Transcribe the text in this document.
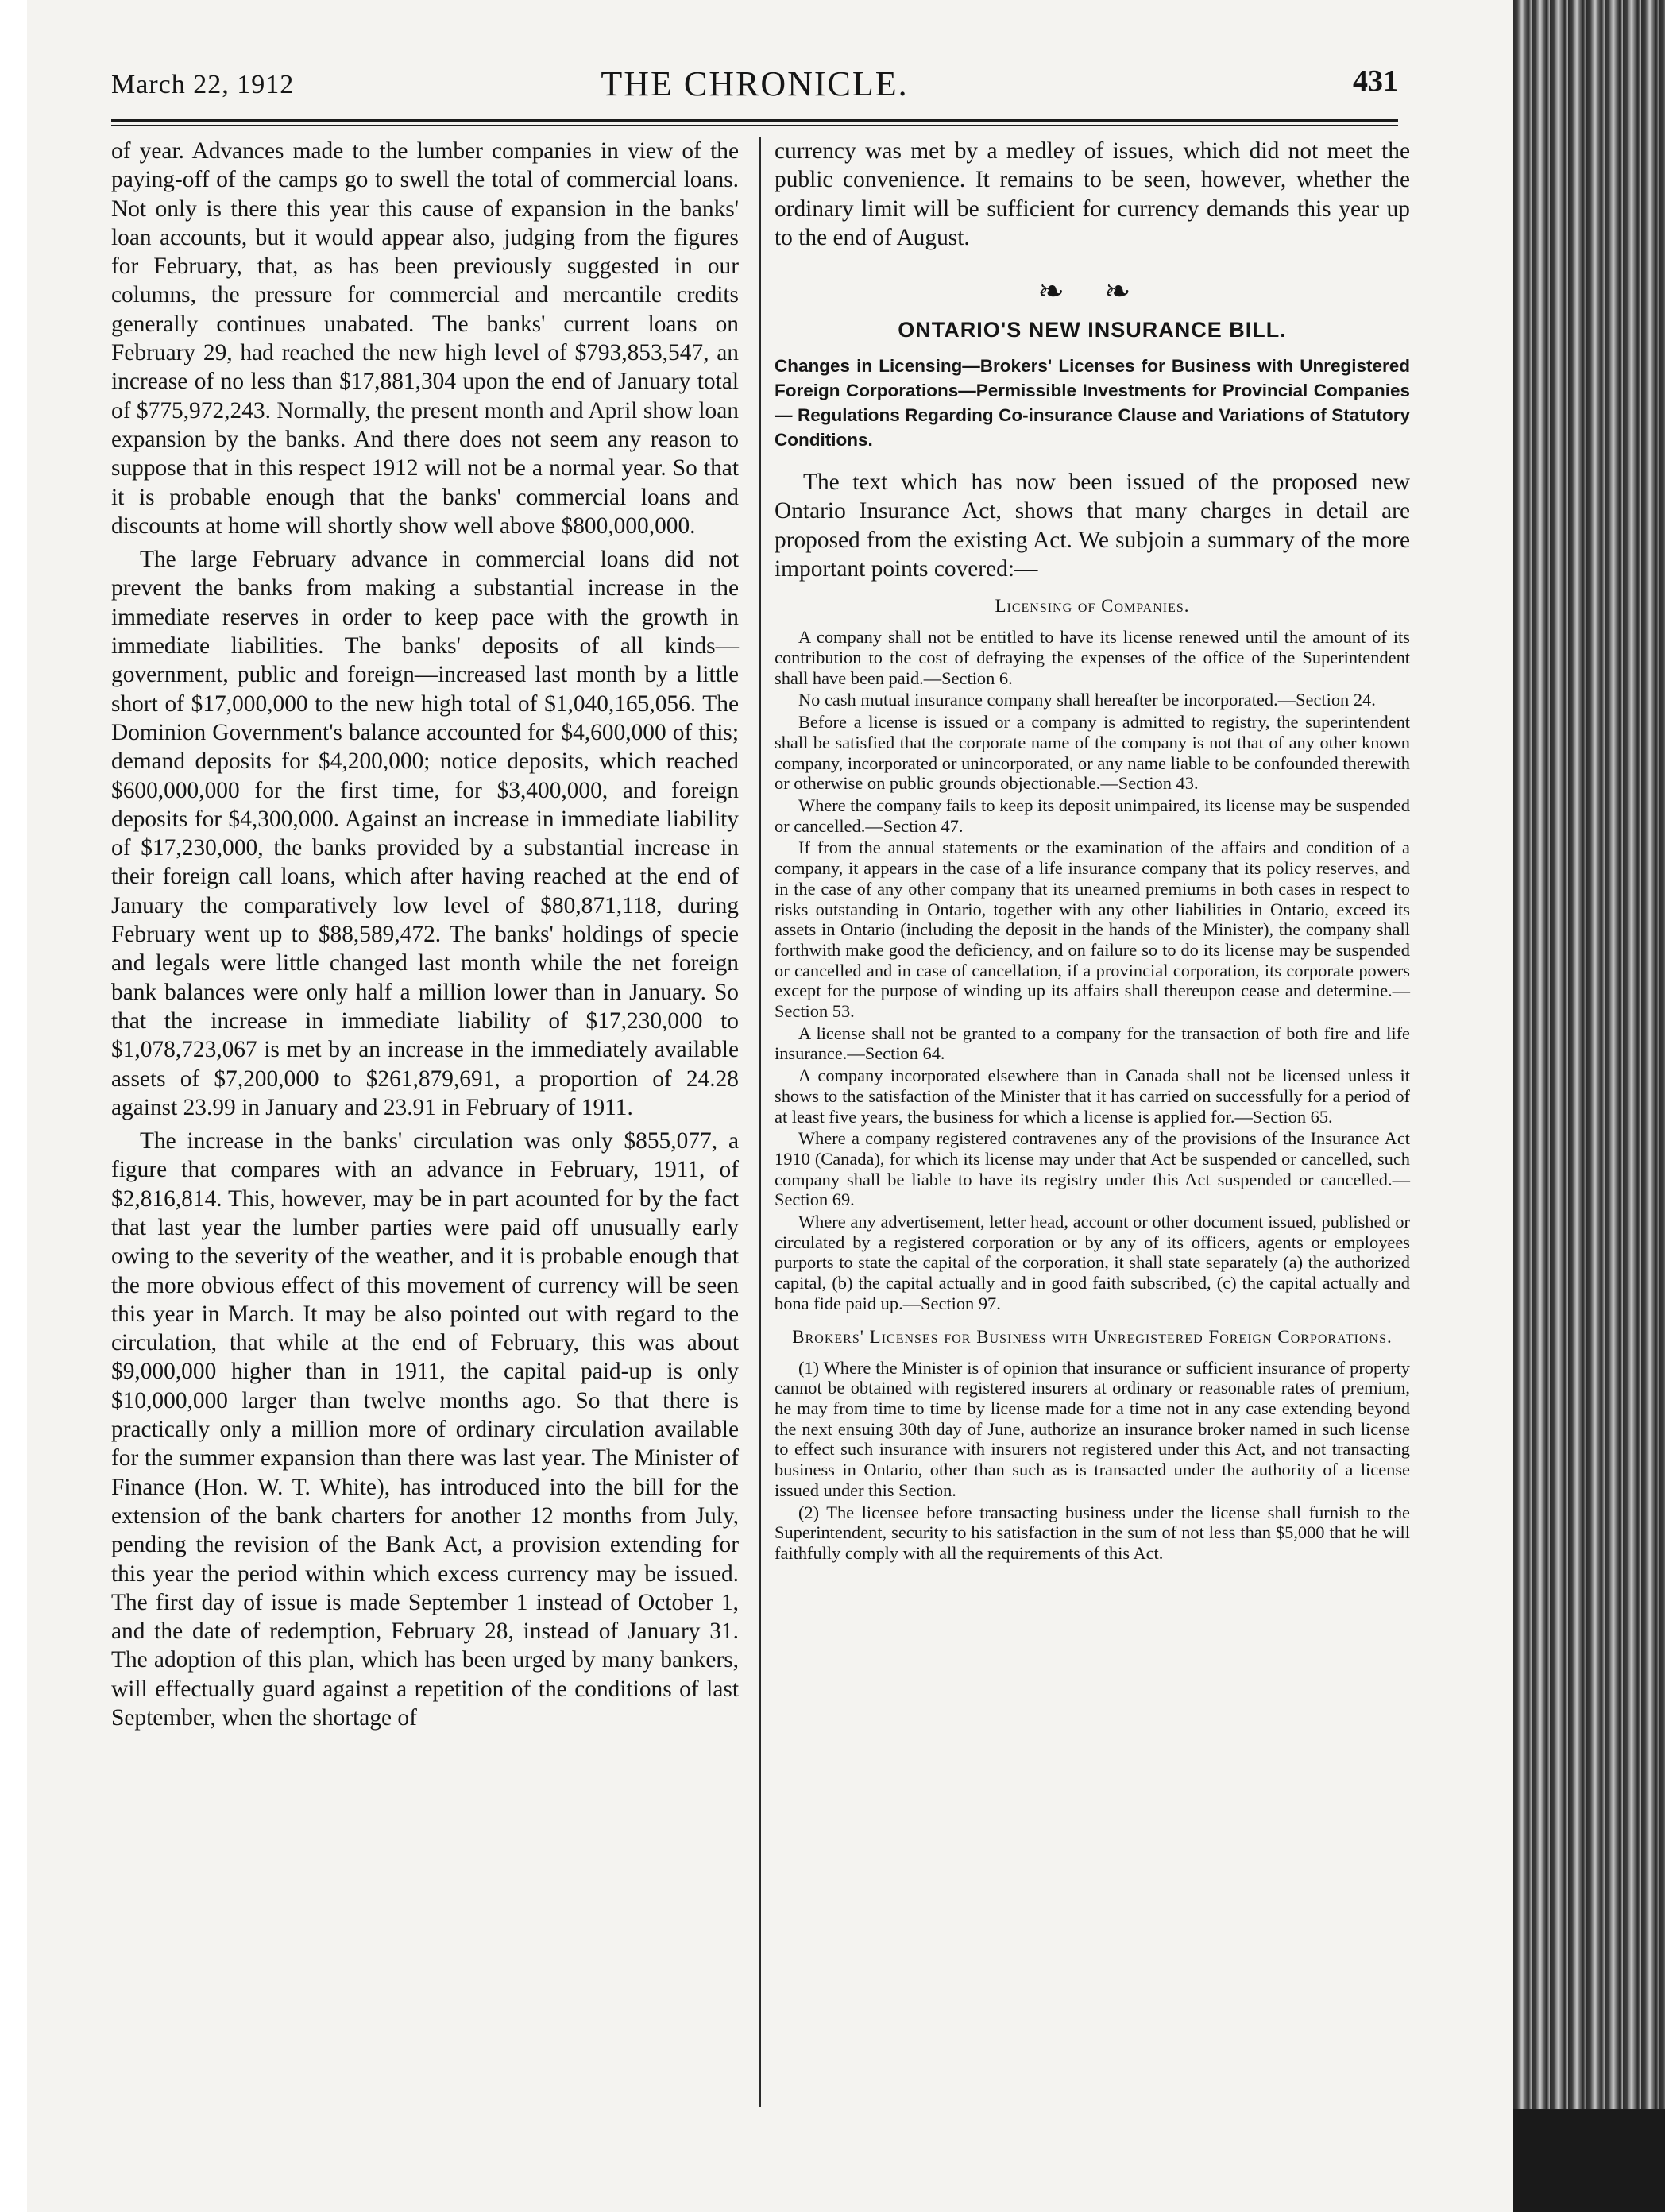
THE CHRONICLE.
March 22, 1912	431

of year. Advances made to the lumber companies in view of the paying-off of the camps go to swell the total of commercial loans. Not only is there this year this cause of expansion in the banks' loan accounts, but it would appear also, judging from the figures for February, that, as has been previously suggested in our columns, the pressure for commercial and mercantile credits generally continues unabated. The banks' current loans on February 29, had reached the new high level of $793,853,547, an increase of no less than $17,881,304 upon the end of January total of $775,972,243. Normally, the present month and April show loan expansion by the banks. And there does not seem any reason to suppose that in this respect 1912 will not be a normal year. So that it is probable enough that the banks' commercial loans and discounts at home will shortly show well above $800,000,000.

The large February advance in commercial loans did not prevent the banks from making a substantial increase in the immediate reserves in order to keep pace with the growth in immediate liabilities. The banks' deposits of all kinds—government, public and foreign—increased last month by a little short of $17,000,000 to the new high total of $1,040,165,056. The Dominion Government's balance accounted for $4,600,000 of this; demand deposits for $4,200,000; notice deposits, which reached $600,000,000 for the first time, for $3,400,000, and foreign deposits for $4,300,000. Against an increase in immediate liability of $17,230,000, the banks provided by a substantial increase in their foreign call loans, which after having reached at the end of January the comparatively low level of $80,871,118, during February went up to $88,589,472. The banks' holdings of specie and legals were little changed last month while the net foreign bank balances were only half a million lower than in January. So that the increase in immediate liability of $17,230,000 to $1,078,723,067 is met by an increase in the immediately available assets of $7,200,000 to $261,879,691, a proportion of 24.28 against 23.99 in January and 23.91 in February of 1911.

The increase in the banks' circulation was only $855,077, a figure that compares with an advance in February, 1911, of $2,816,814. This, however, may be in part acounted for by the fact that last year the lumber parties were paid off unusually early owing to the severity of the weather, and it is probable enough that the more obvious effect of this movement of currency will be seen this year in March. It may be also pointed out with regard to the circulation, that while at the end of February, this was about $9,000,000 higher than in 1911, the capital paid-up is only $10,000,000 larger than twelve months ago. So that there is practically only a million more of ordinary circulation available for the summer expansion than there was last year. The Minister of Finance (Hon. W. T. White), has introduced into the bill for the extension of the bank charters for another 12 months from July, pending the revision of the Bank Act, a provision extending for this year the period within which excess currency may be issued. The first day of issue is made September 1 instead of October 1, and the date of redemption, February 28, instead of January 31. The adoption of this plan, which has been urged by many bankers, will effectually guard against a repetition of the conditions of last September, when the shortage of

currency was met by a medley of issues, which did not meet the public convenience. It remains to be seen, however, whether the ordinary limit will be sufficient for currency demands this year up to the end of August.

❧ ❧
ONTARIO'S NEW INSURANCE BILL.

Changes in Licensing—Brokers' Licenses for Business with Unregistered Foreign Corporations—Permissible Investments for Provincial Companies— Regulations Regarding Co-insurance Clause and Variations of Statutory Conditions.

The text which has now been issued of the proposed new Ontario Insurance Act, shows that many charges in detail are proposed from the existing Act. We subjoin a summary of the more important points covered:—

Licensing of Companies.

A company shall not be entitled to have its license renewed until the amount of its contribution to the cost of defraying the expenses of the office of the Superintendent shall have been paid.—Section 6.

No cash mutual insurance company shall hereafter be incorporated.—Section 24.

Before a license is issued or a company is admitted to registry, the superintendent shall be satisfied that the corporate name of the company is not that of any other known company, incorporated or unincorporated, or any name liable to be confounded therewith or otherwise on public grounds objectionable.—Section 43.

Where the company fails to keep its deposit unimpaired, its license may be suspended or cancelled.—Section 47.

If from the annual statements or the examination of the affairs and condition of a company, it appears in the case of a life insurance company that its policy reserves, and in the case of any other company that its unearned premiums in both cases in respect to risks outstanding in Ontario, together with any other liabilities in Ontario, exceed its assets in Ontario (including the deposit in the hands of the Minister), the company shall forthwith make good the deficiency, and on failure so to do its license may be suspended or cancelled and in case of cancellation, if a provincial corporation, its corporate powers except for the purpose of winding up its affairs shall thereupon cease and determine.—Section 53.

A license shall not be granted to a company for the transaction of both fire and life insurance.—Section 64.

A company incorporated elsewhere than in Canada shall not be licensed unless it shows to the satisfaction of the Minister that it has carried on successfully for a period of at least five years, the business for which a license is applied for.—Section 65.

Where a company registered contravenes any of the provisions of the Insurance Act 1910 (Canada), for which its license may under that Act be suspended or cancelled, such company shall be liable to have its registry under this Act suspended or cancelled.—Section 69.

Where any advertisement, letter head, account or other document issued, published or circulated by a registered corporation or by any of its officers, agents or employees purports to state the capital of the corporation, it shall state separately (a) the authorized capital, (b) the capital actually and in good faith subscribed, (c) the capital actually and bona fide paid up.—Section 97.

Brokers' Licenses for Business with Unregistered Foreign Corporations.

(1) Where the Minister is of opinion that insurance or sufficient insurance of property cannot be obtained with registered insurers at ordinary or reasonable rates of premium, he may from time to time by license made for a time not in any case extending beyond the next ensuing 30th day of June, authorize an insurance broker named in such license to effect such insurance with insurers not registered under this Act, and not transacting business in Ontario, other than such as is transacted under the authority of a license issued under this Section.

(2) The licensee before transacting business under the license shall furnish to the Superintendent, security to his satisfaction in the sum of not less than $5,000 that he will faithfully comply with all the requirements of this Act.
